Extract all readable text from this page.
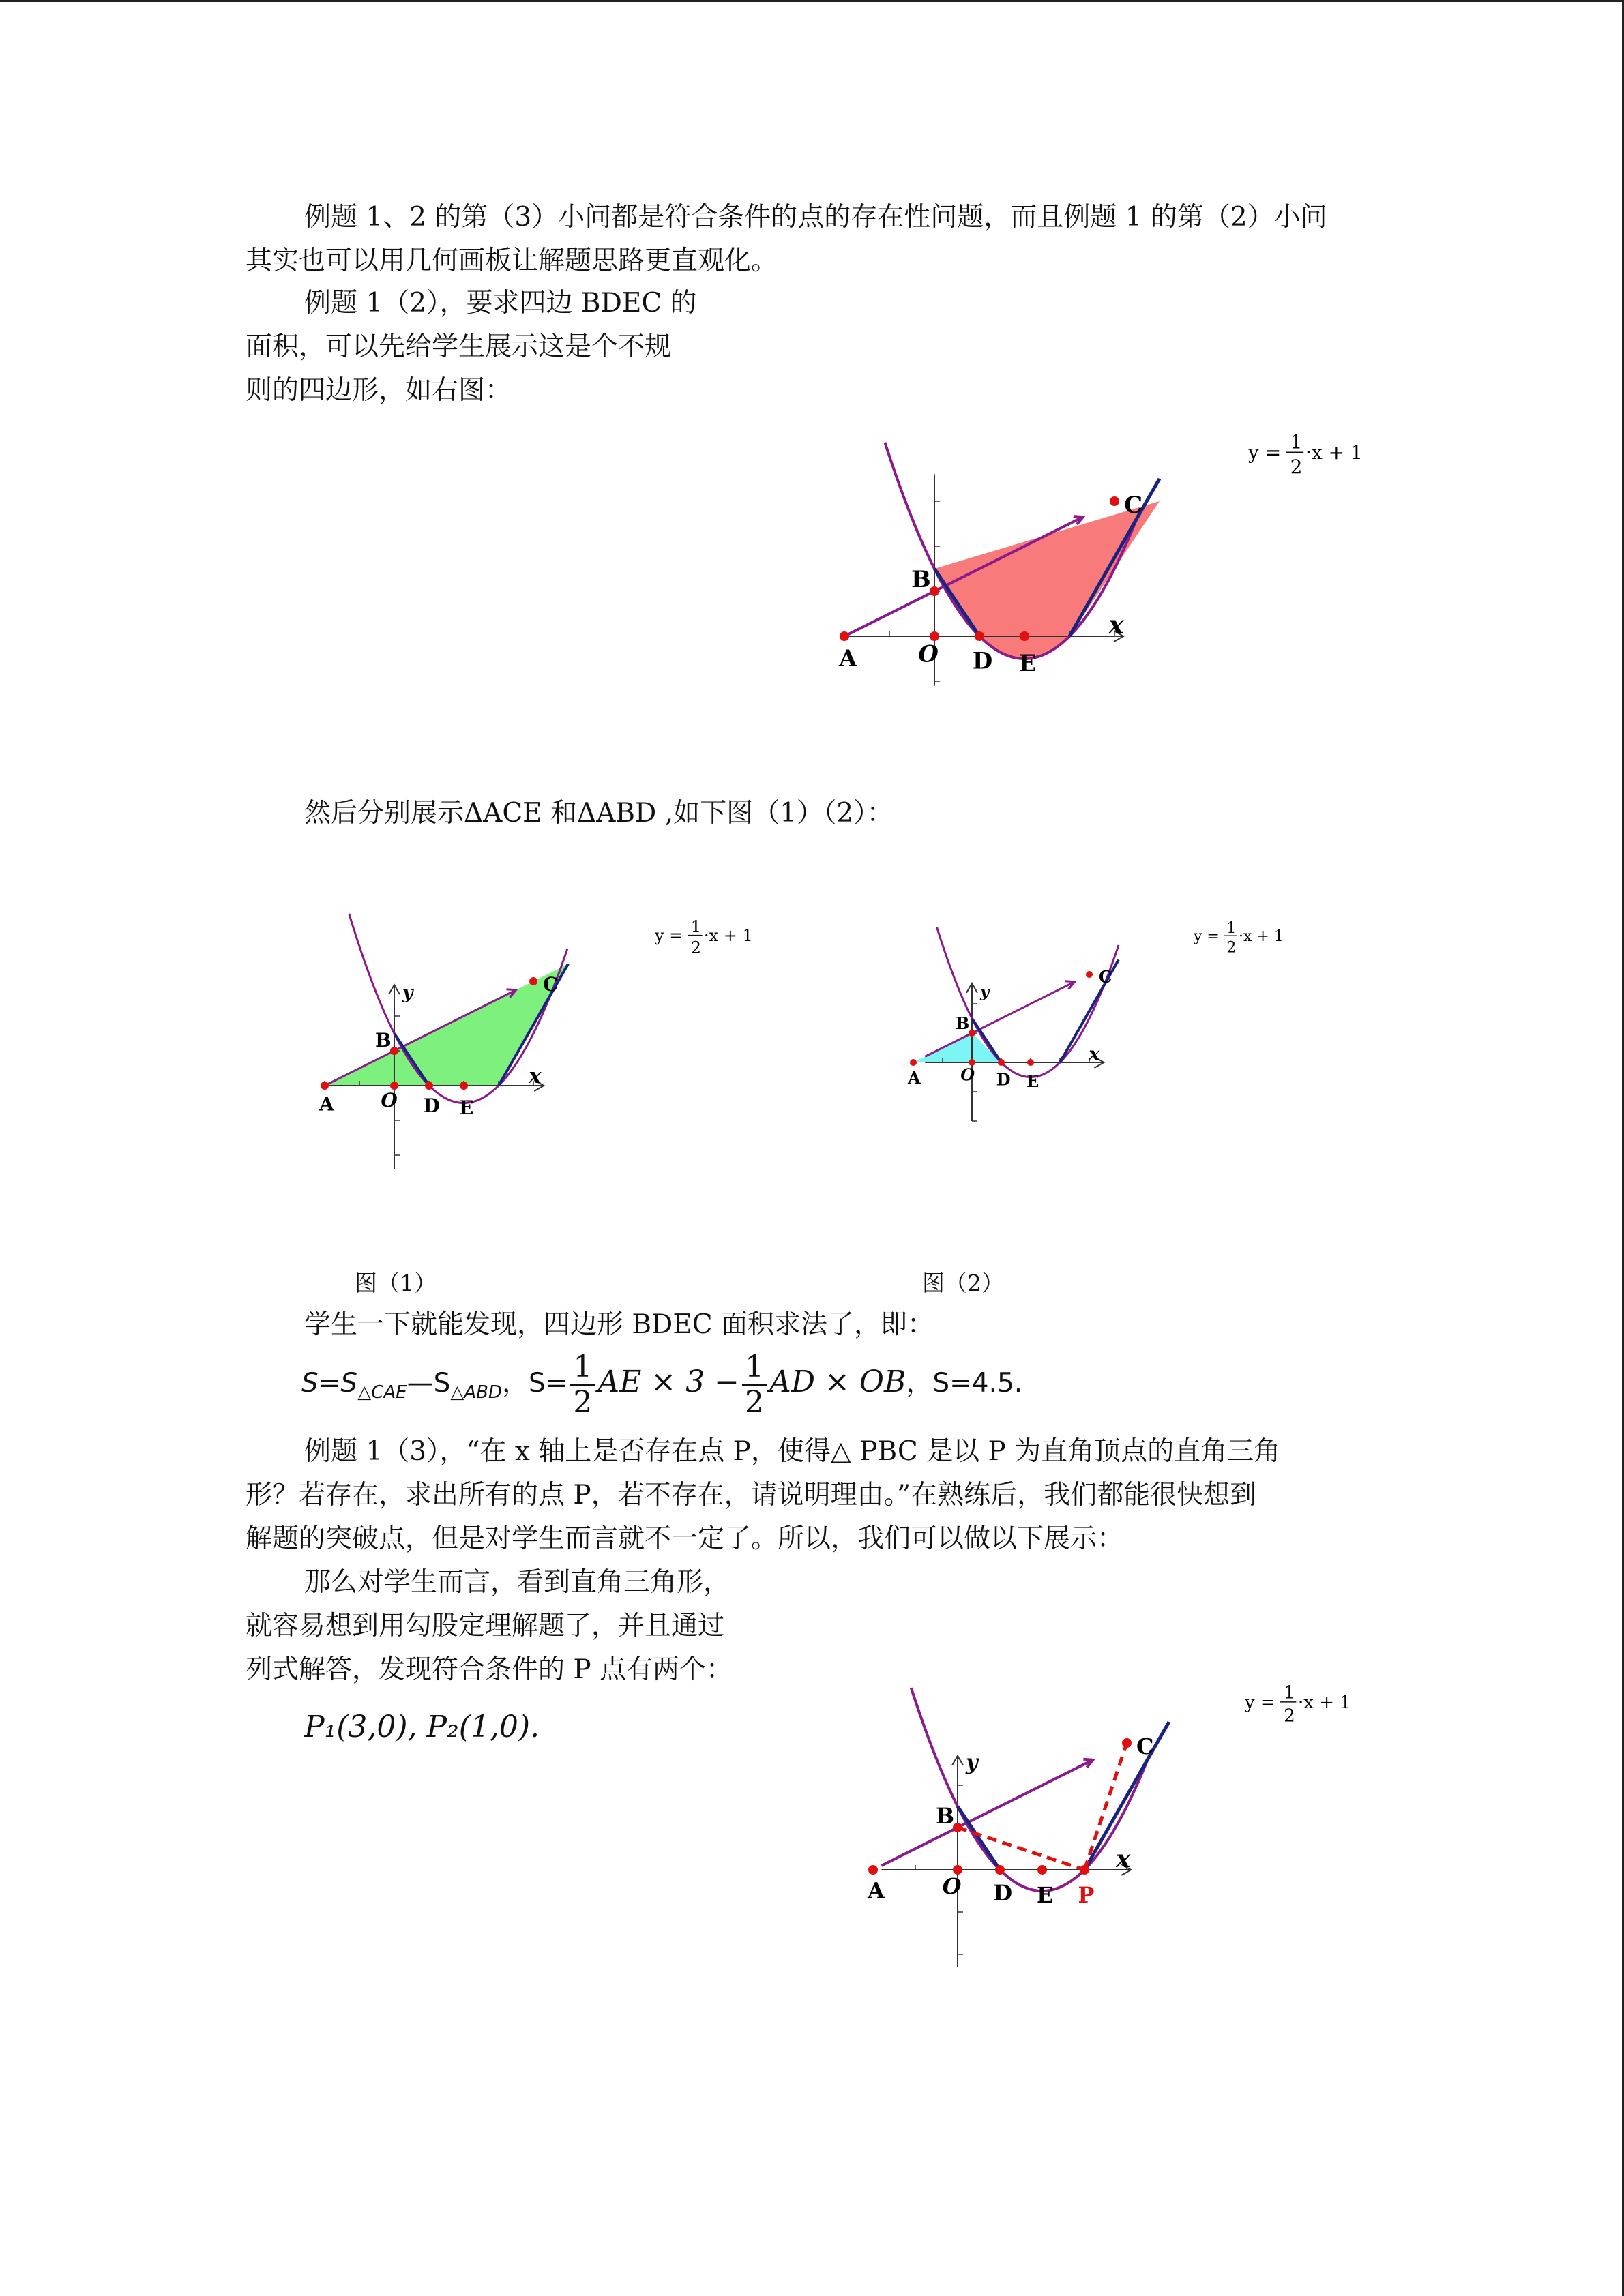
例题 1、2 的第（3）小问都是符合条件的点的存在性问题，而且例题 1 的第（2）小问
其实也可以用几何画板让解题思路更直观化。
例题 1（2），要求四边 BDEC 的
面积，可以先给学生展示这是个不规
则的四边形，如右图：
x
A
B
C
O D E
y = 1
2
·x + 1
然后分别展示ΔACE 和ΔABD ,如下图（1）（2）：
x
y
A
B
C
O D E
y = 1
2
·x + 1
x
y
A
B
C
O D E
y = 1
2
·x + 1
图（1）	图（2）
学生一下就能发现，四边形 BDEC 面积求法了，即：
$S=S_{\triangle CAE}—S_{\triangle ABD}$，$S= \frac{1}{2}$ AE × $3 - \frac{1}{2}$ AD × OB，S=4.5.
例题 1（3），“在 x 轴上是否存在点 P，使得△ PBC 是以 P 为直角顶点的直角三角
形？若存在，求出所有的点 P，若不存在，请说明理由。”在熟练后，我们都能很快想到
解题的突破点，但是对学生而言就不一定了。所以，我们可以做以下展示：
那么对学生而言，看到直角三角形，
就容易想到用勾股定理解题了，并且通过
列式解答，发现符合条件的 P 点有两个：
P₁(3,0), P₂(1,0).
x
y
A
B
C
O D E P
y = 1
2
·x + 1
